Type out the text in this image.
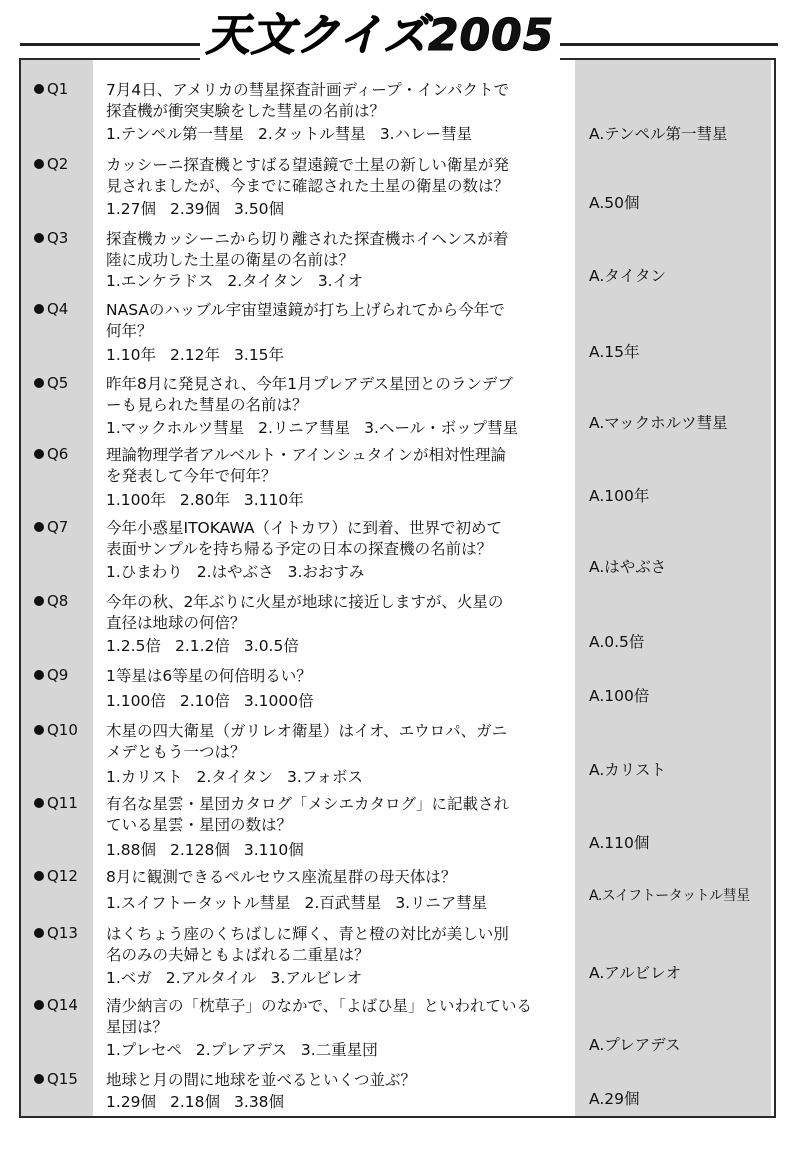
天文クイズ2005
Q1 7月4日、アメリカの彗星探査計画ディープ・インパクトで
探査機が衝突実験をした彗星の名前は？
1.テンペル第一彗星 2.タットル彗星 3.ハレー彗星	A.テンペル第一彗星
Q2 カッシーニ探査機とすばる望遠鏡で土星の新しい衛星が発
見されましたが、今までに確認された土星の衛星の数は？
1.27個 2.39個 3.50個	A.50個
Q3 探査機カッシーニから切り離された探査機ホイヘンスが着
陸に成功した土星の衛星の名前は？
1.エンケラドス 2.タイタン 3.イオ	A.タイタン
Q4 NASAのハッブル宇宙望遠鏡が打ち上げられてから今年で
何年？
1.10年 2.12年 3.15年	A.15年
Q5 昨年8月に発見され、今年1月プレアデス星団とのランデブ
ーも見られた彗星の名前は？
1.マックホルツ彗星 2.リニア彗星 3.ヘール・ボップ彗星	A.マックホルツ彗星
Q6 理論物理学者アルベルト・アインシュタインが相対性理論
を発表して今年で何年？
1.100年 2.80年 3.110年	A.100年
Q7 今年小惑星ITOKAWA（イトカワ）に到着、世界で初めて
表面サンプルを持ち帰る予定の日本の探査機の名前は？
1.ひまわり 2.はやぶさ 3.おおすみ	A.はやぶさ
Q8 今年の秋、2年ぶりに火星が地球に接近しますが、火星の
直径は地球の何倍？
1.2.5倍 2.1.2倍 3.0.5倍	A.0.5倍
Q9 1等星は6等星の何倍明るい？
1.100倍 2.10倍 3.1000倍	A.100倍
Q10 木星の四大衛星（ガリレオ衛星）はイオ、エウロパ、ガニ
メデともう一つは？
1.カリスト 2.タイタン 3.フォボス	A.カリスト
Q11 有名な星雲・星団カタログ「メシエカタログ」に記載され
ている星雲・星団の数は？
1.88個 2.128個 3.110個	A.110個
Q12 8月に観測できるペルセウス座流星群の母天体は？
1.スイフトータットル彗星 2.百武彗星 3.リニア彗星	A.スイフトータットル彗星
Q13 はくちょう座のくちばしに輝く、青と橙の対比が美しい別
名のみの夫婦ともよばれる二重星は？
1.ベガ 2.アルタイル 3.アルビレオ	A.アルビレオ
Q14 清少納言の「枕草子」のなかで、「よばひ星」といわれている
星団は？
1.プレセペ 2.プレアデス 3.二重星団	A.プレアデス
Q15 地球と月の間に地球を並べるといくつ並ぶ？
1.29個 2.18個 3.38個	A.29個
